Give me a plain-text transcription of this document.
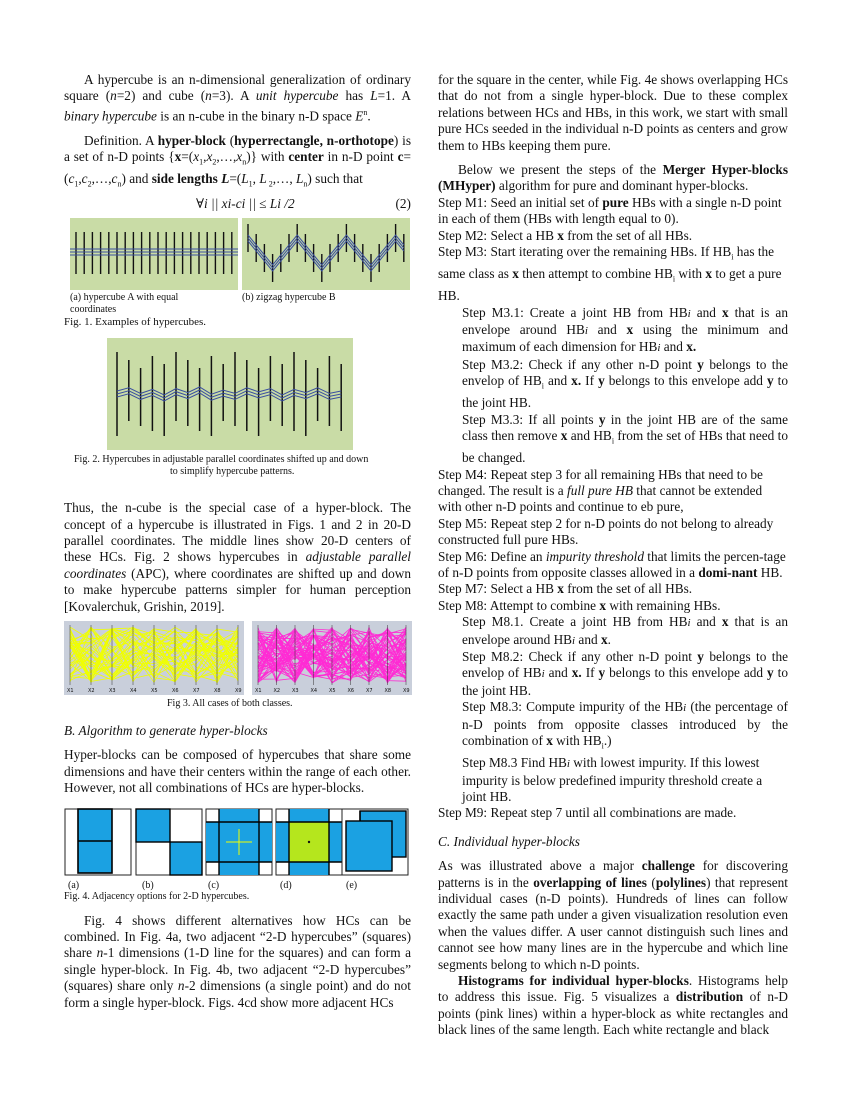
A hypercube is an n-dimensional generalization of ordinary square (n=2) and cube (n=3). A unit hypercube has L=1. A binary hypercube is an n-cube in the binary n-D space $E^n$.

Definition. A hyper-block (hyperrectangle, n-orthotope) is a set of n-D points $\{x=(x_1,x_2,\dots,x_n)\}$ with center in n-D point $c=(c_1,c_2,\dots,c_n)$ and side lengths $L=(L_1$, L $_2$,…, $L_n$) such that

∀i || xi-ci || ≤ Li /2	(2)
(a) hypercube A with equal coordinates
(b) zigzag hypercube B
Fig. 1. Examples of hypercubes.
Fig. 2. Hypercubes in adjustable parallel coordinates shifted up and down
to simplify hypercube patterns.

Thus, the n-cube is the special case of a hyper-block. The concept of a hypercube is illustrated in Figs. 1 and 2 in 20-D parallel coordinates. The middle lines show 20-D centers of these HCs. Fig. 2 shows hypercubes in adjustable parallel coordinates (APC), where coordinates are shifted up and down to make hypercube patterns simpler for human perception [Kovalerchuk, Grishin, 2019].

X1	X2	X3	X4	X5	X6	X7	X8	X9	X1 X2 X3 X4 X5 X6 X7 X8 X9
Fig 3. All cases of both classes.
B. Algorithm to generate hyper-blocks

Hyper-blocks can be composed of hypercubes that share some dimensions and have their centers within the range of each other. However, not all combinations of HCs are hyper-blocks.

(a)	(b)	(c)	(d)	(e)
Fig. 4. Adjacency options for 2-D hypercubes.

Fig. 4 shows different alternatives how HCs can be combined. In Fig. 4a, two adjacent “2-D hypercubes” (squares) share n-1 dimensions (1-D line for the squares) and can form a single hyper-block. In Fig. 4b, two adjacent “2-D hypercubes” (squares) share only n-2 dimensions (a single point) and do not form a single hyper-block. Figs. 4cd show more adjacent HCs

for the square in the center, while Fig. 4e shows overlapping HCs that do not from a single hyper-block. Due to these complex relations between HCs and HBs, in this work, we start with small pure HCs seeded in the individual n-D points as centers and grow them to HBs keeping them pure.

Below we present the steps of the Merger Hyper-blocks (MHyper) algorithm for pure and dominant hyper-blocks.

Step M1: Seed an initial set of pure HBs with a single n-D point in each of them (HBs with length equal to 0).

Step M2: Select a HB x from the set of all HBs.

Step M3: Start iterating over the remaining HBs. If $HB_i$ has the same class as x then attempt to combine $HB_i$ with x to get a pure HB.

Step M3.1: Create a joint HB from HBi and x that is an envelope around HBi and x using the minimum and maximum of each dimension for HBi and x.

Step M3.2: Check if any other n-D point y belongs to the envelop of $HB_i$ and x. If y belongs to this envelope add y to the joint HB.

Step M3.3: If all points y in the joint HB are of the same class then remove x and $HB_i$ from the set of HBs that need to be changed.

Step M4: Repeat step 3 for all remaining HBs that need to be changed. The result is a full pure HB that cannot be extended with other n-D points and continue to eb pure,

Step M5: Repeat step 2 for n-D points do not belong to already constructed full pure HBs.

Step M6: Define an impurity threshold that limits the percen-tage of n-D points from opposite classes allowed in a domi-nant HB.

Step M7: Select a HB x from the set of all HBs.

Step M8: Attempt to combine x with remaining HBs.

Step M8.1. Create a joint HB from HBi and x that is an envelope around HBi and x.

Step M8.2: Check if any other n-D point y belongs to the envelop of HBi and x. If y belongs to this envelope add y to the joint HB.

Step M8.3: Compute impurity of the HBi (the percentage of n-D points from opposite classes introduced by the combination of x with $HB_i$.)

Step M8.3 Find HBi with lowest impurity. If this lowest impurity is below predefined impurity threshold create a joint HB.

Step M9: Repeat step 7 until all combinations are made.

C. Individual hyper-blocks

As was illustrated above a major challenge for discovering patterns is in the overlapping of lines (polylines) that represent individual cases (n-D points). Hundreds of lines can follow exactly the same path under a given visualization resolution even when the values differ. A user cannot distinguish such lines and cannot see how many lines are in the hypercube and which line segments belong to which n-D points.

Histograms for individual hyper-blocks. Histograms help to address this issue. Fig. 5 visualizes a distribution of n-D points (pink lines) within a hyper-block as white rectangles and black lines of the same length. Each white rectangle and black
